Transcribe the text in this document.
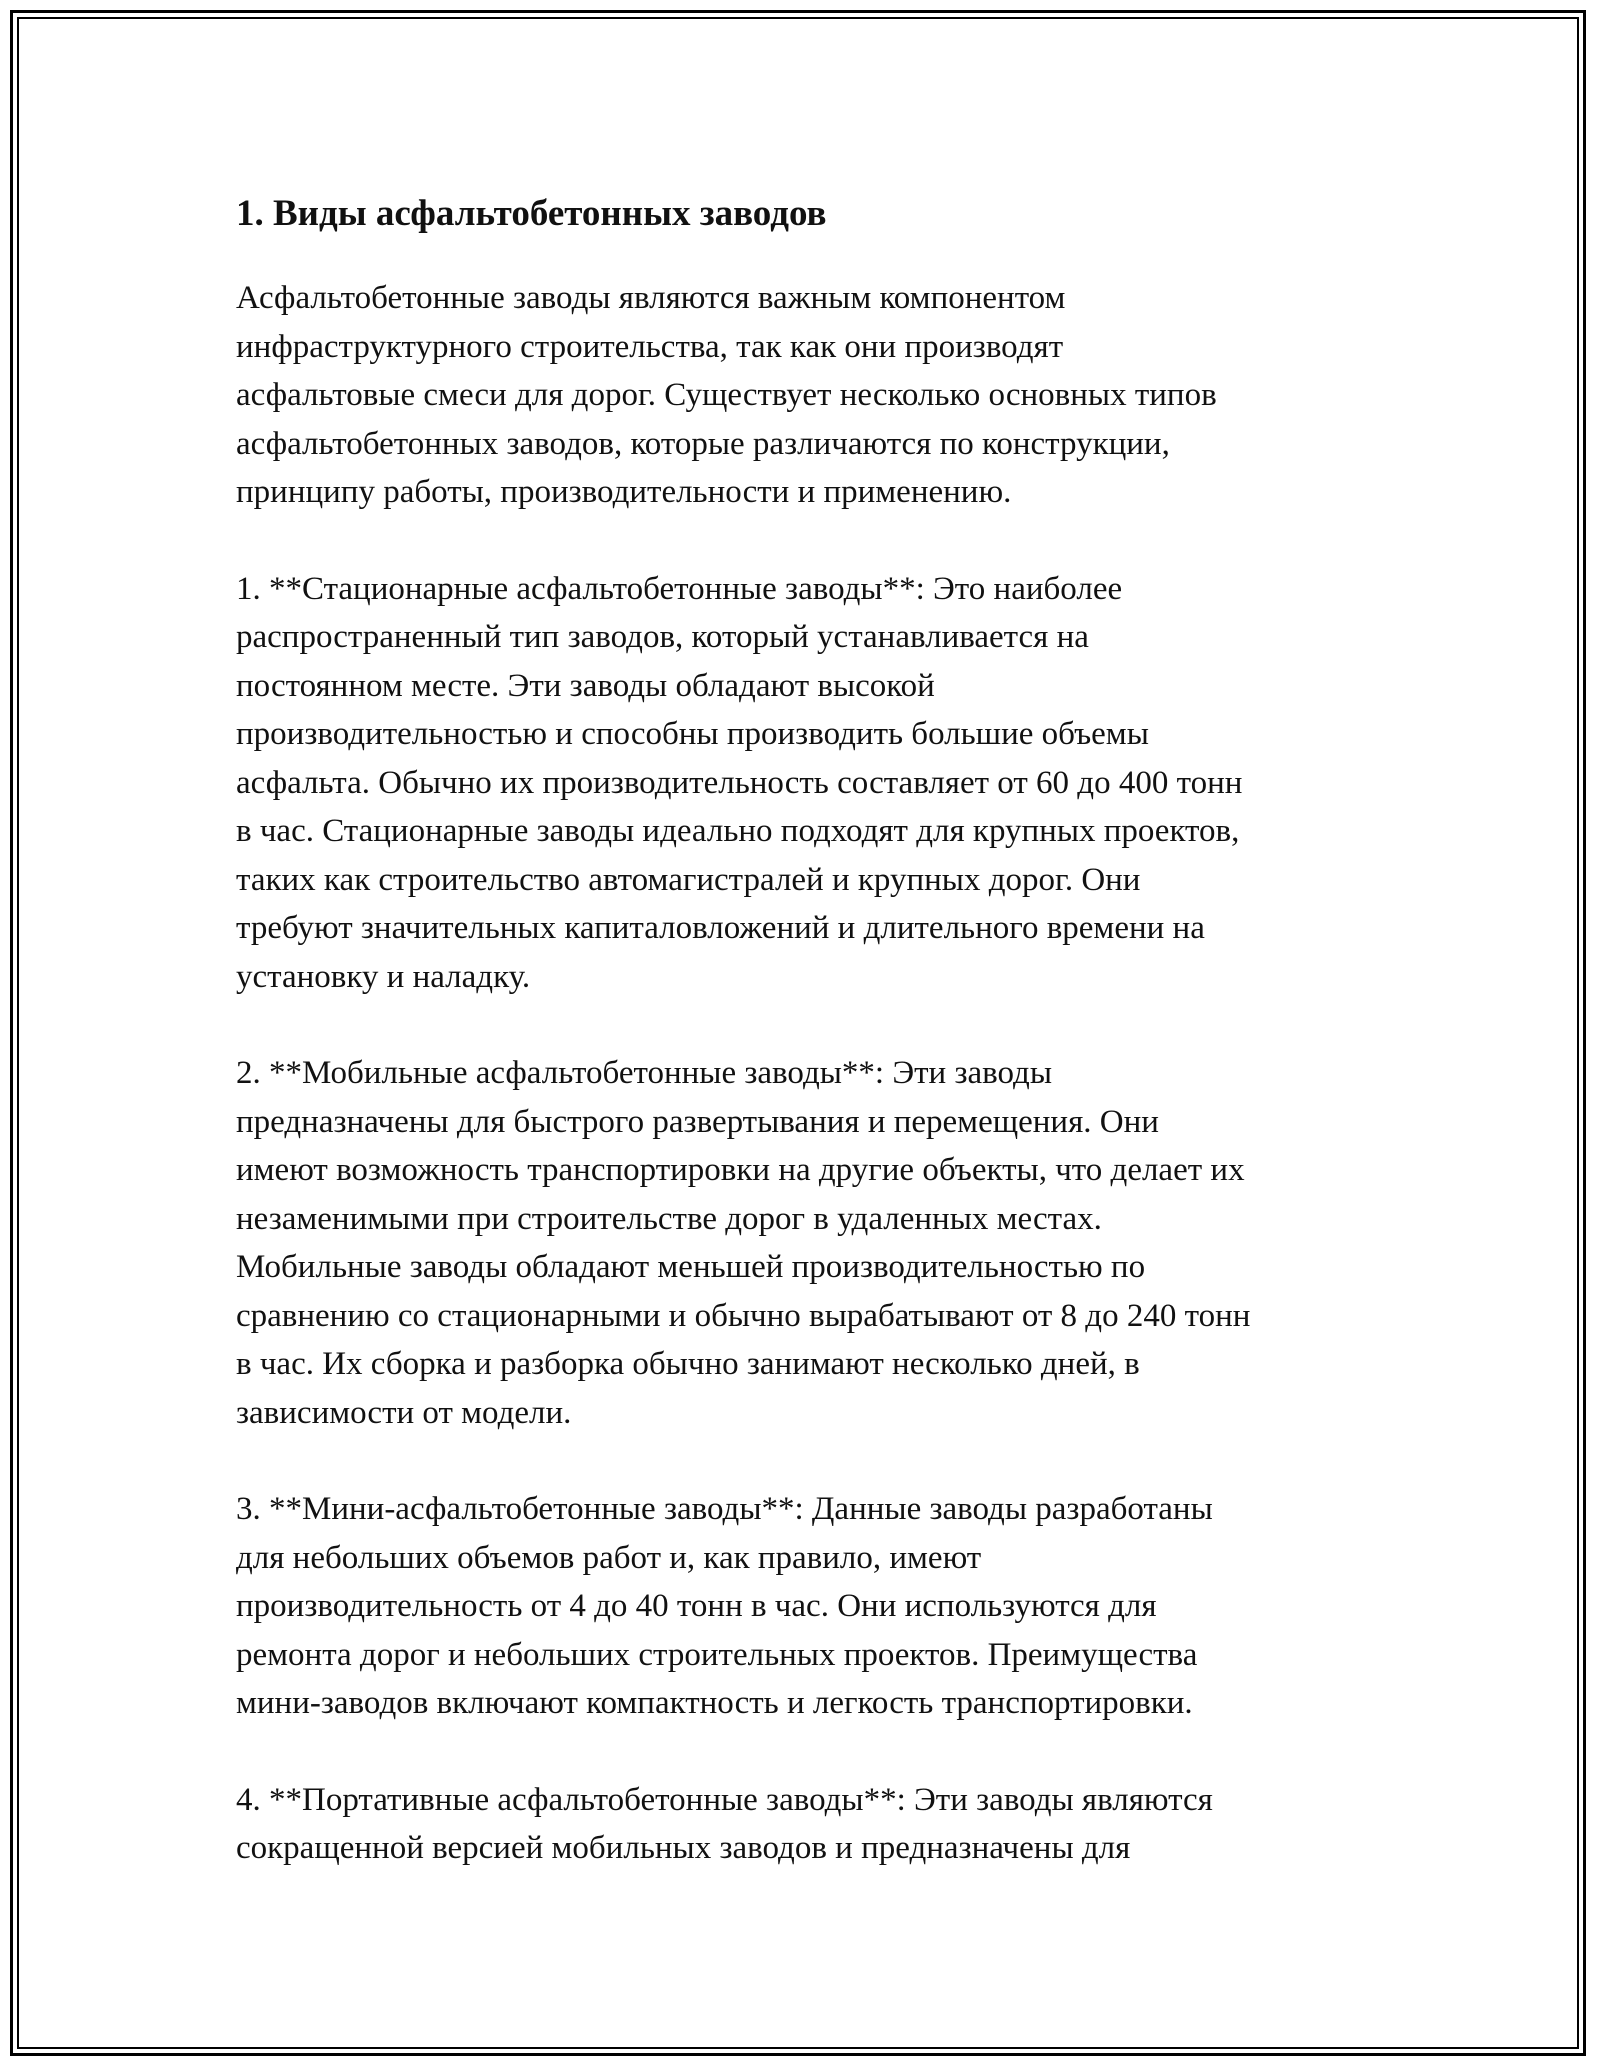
1. Виды асфальтобетонных заводов

Асфальтобетонные заводы являются важным компонентом
инфраструктурного строительства, так как они производят
асфальтовые смеси для дорог. Существует несколько основных типов
асфальтобетонных заводов, которые различаются по конструкции,
принципу работы, производительности и применению.

1. **Стационарные асфальтобетонные заводы**: Это наиболее
распространенный тип заводов, который устанавливается на
постоянном месте. Эти заводы обладают высокой
производительностью и способны производить большие объемы
асфальта. Обычно их производительность составляет от 60 до 400 тонн
в час. Стационарные заводы идеально подходят для крупных проектов,
таких как строительство автомагистралей и крупных дорог. Они
требуют значительных капиталовложений и длительного времени на
установку и наладку.

2. **Мобильные асфальтобетонные заводы**: Эти заводы
предназначены для быстрого развертывания и перемещения. Они
имеют возможность транспортировки на другие объекты, что делает их
незаменимыми при строительстве дорог в удаленных местах.
Мобильные заводы обладают меньшей производительностью по
сравнению со стационарными и обычно вырабатывают от 8 до 240 тонн
в час. Их сборка и разборка обычно занимают несколько дней, в
зависимости от модели.

3. **Мини-асфальтобетонные заводы**: Данные заводы разработаны
для небольших объемов работ и, как правило, имеют
производительность от 4 до 40 тонн в час. Они используются для
ремонта дорог и небольших строительных проектов. Преимущества
мини-заводов включают компактность и легкость транспортировки.

4. **Портативные асфальтобетонные заводы**: Эти заводы являются
сокращенной версией мобильных заводов и предназначены для
